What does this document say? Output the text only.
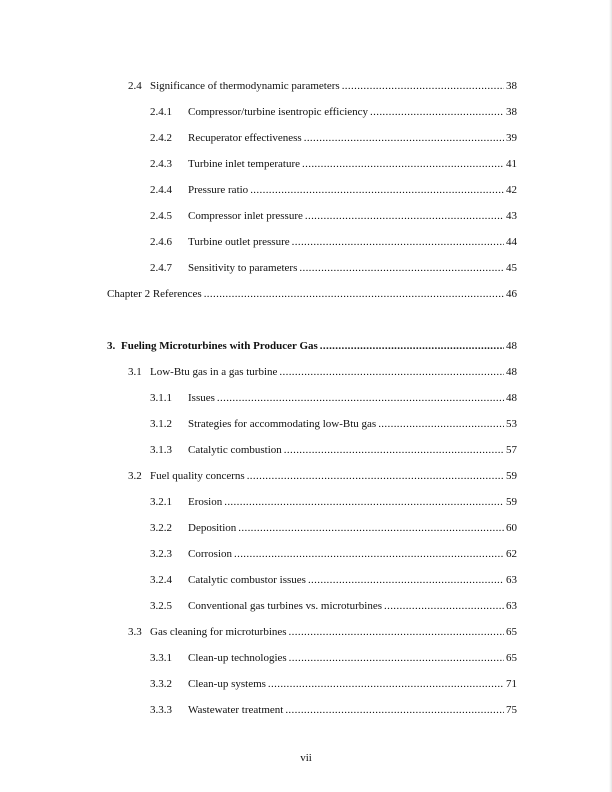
2.4 Significance of thermodynamic parameters . . .	38
2.4.1	Compressor/turbine isentropic efficiency . . .	38
2.4.2	Recuperator effectiveness . . .	39
2.4.3	Turbine inlet temperature . . .	41
2.4.4	Pressure ratio . . .	42
2.4.5	Compressor inlet pressure . . .	43
2.4.6	Turbine outlet pressure . . .	44
2.4.7	Sensitivity to parameters . . .	45
Chapter 2 References . . .	46
3. Fueling Microturbines with Producer Gas . . .	48
3.1 Low-Btu gas in a gas turbine . . .	48
3.1.1	Issues . . .	48
3.1.2	Strategies for accommodating low-Btu gas . . .	53
3.1.3	Catalytic combustion . . .	57
3.2 Fuel quality concerns . . .	59
3.2.1	Erosion . . .	59
3.2.2	Deposition . . .	60
3.2.3	Corrosion . . .	62
3.2.4	Catalytic combustor issues . . .	63
3.2.5	Conventional gas turbines vs. microturbines . . .	63
3.3 Gas cleaning for microturbines . . .	65
3.3.1	Clean-up technologies . . .	65
3.3.2	Clean-up systems . . .	71
3.3.3	Wastewater treatment . . .	75
vii
